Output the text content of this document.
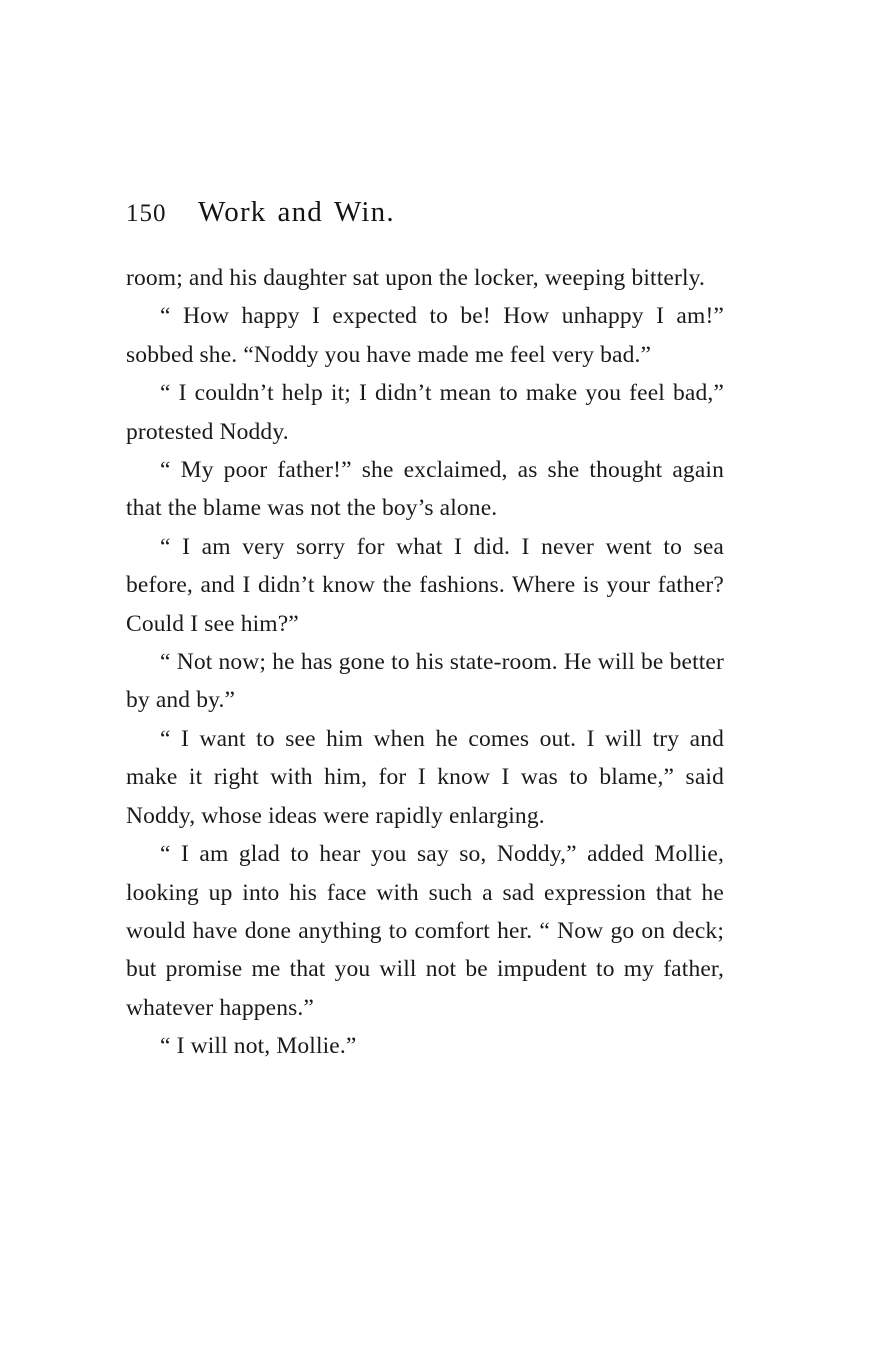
150	Work and Win.

room; and his daughter sat upon the locker, weeping bitterly.

“ How happy I expected to be! How unhappy I am!” sobbed she. “Noddy you have made me feel very bad.”

“ I couldn’t help it; I didn’t mean to make you feel bad,” protested Noddy.

“ My poor father!” she exclaimed, as she thought again that the blame was not the boy’s alone.

“ I am very sorry for what I did. I never went to sea before, and I didn’t know the fashions. Where is your father? Could I see him?”

“ Not now; he has gone to his state-room. He will be better by and by.”

“ I want to see him when he comes out. I will try and make it right with him, for I know I was to blame,” said Noddy, whose ideas were rapidly enlarging.

“ I am glad to hear you say so, Noddy,” added Mollie, looking up into his face with such a sad expression that he would have done anything to comfort her. “ Now go on deck; but promise me that you will not be impudent to my father, whatever happens.”

“ I will not, Mollie.”
